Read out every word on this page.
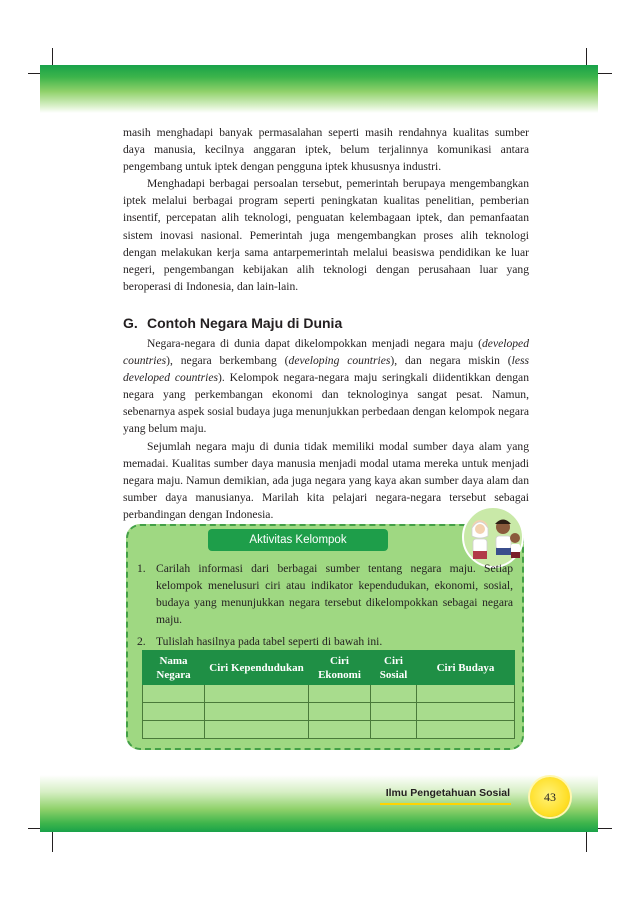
masih menghadapi banyak permasalahan seperti masih rendahnya kualitas sumber daya manusia, kecilnya anggaran iptek, belum terjalinnya komunikasi antara pengembang untuk iptek dengan pengguna iptek khususnya industri.

Menghadapi berbagai persoalan tersebut, pemerintah berupaya mengembangkan iptek melalui berbagai program seperti peningkatan kualitas penelitian, pemberian insentif, percepatan alih teknologi, penguatan kelembagaan iptek, dan pemanfaatan sistem inovasi nasional. Pemerintah juga mengembangkan proses alih teknologi dengan melakukan kerja sama antarpemerintah melalui beasiswa pendidikan ke luar negeri, pengembangan kebijakan alih teknologi dengan perusahaan luar yang beroperasi di Indonesia, dan lain-lain.

G. Contoh Negara Maju di Dunia

Negara-negara di dunia dapat dikelompokkan menjadi negara maju (developed countries), negara berkembang (developing countries), dan negara miskin (less developed countries). Kelompok negara-negara maju seringkali diidentikkan dengan negara yang perkembangan ekonomi dan teknologinya sangat pesat. Namun, sebenarnya aspek sosial budaya juga menunjukkan perbedaan dengan kelompok negara yang belum maju.

Sejumlah negara maju di dunia tidak memiliki modal sumber daya alam yang memadai. Kualitas sumber daya manusia menjadi modal utama mereka untuk menjadi negara maju. Namun demikian, ada juga negara yang kaya akan sumber daya alam dan sumber daya manusianya. Marilah kita pelajari negara-negara tersebut sebagai perbandingan dengan Indonesia.

Aktivitas Kelompok
1. Carilah informasi dari berbagai sumber tentang negara maju. Setiap kelompok menelusuri ciri atau indikator kependudukan, ekonomi, sosial, budaya yang menunjukkan negara tersebut dikelompokkan sebagai negara maju.
2. Tulislah hasilnya pada tabel seperti di bawah ini.
Nama Negara	Ciri Kependudukan	Ciri Ekonomi	Ciri Sosial	Ciri Budaya

Ilmu Pengetahuan Sosial	43
